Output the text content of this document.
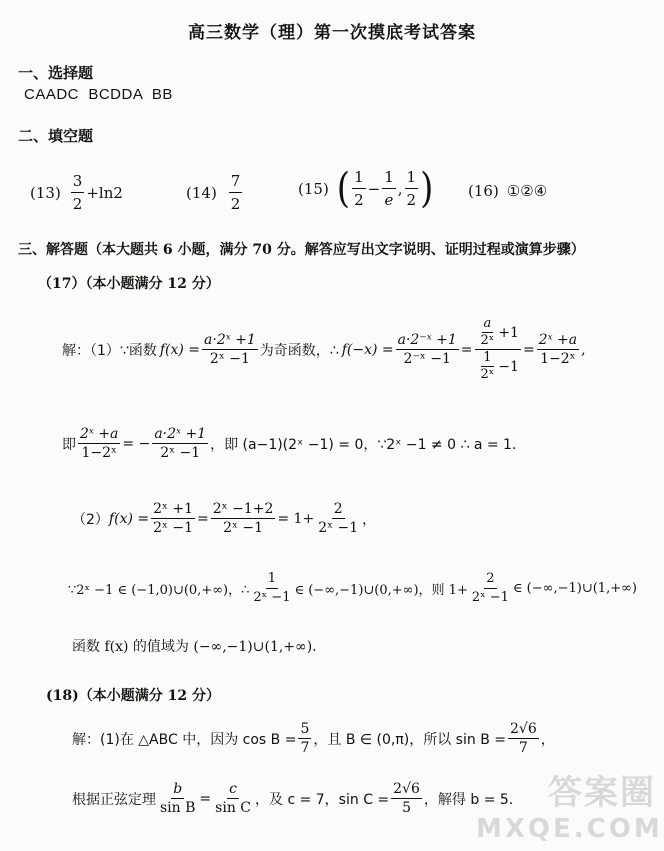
高三数学（理）第一次摸底考试答案
一、选择题
CAADC  BCDDA  BB
二、填空题
$(13) \frac{3}{2} +\ln 2$	$(14) \frac{7}{2}$	(15) ( $\frac{1}{2} - \frac{1}{e}$ , $\frac{1}{2}$ ) (16) ①②④
三、解答题（本大题共 6 小题，满分 70 分。解答应写出文字说明、证明过程或演算步骤）
（17）（本小题满分 12 分）
解：（1）∵函数 $f(x) = \frac{\text{a·2ˣ +1}}{\text{2ˣ −1}}$ 为奇函数，∴ $f(-x) = \frac{\text{a·2⁻ˣ +1}}{\text{2⁻ˣ −1}} = \frac{\frac{a}{\text{2ˣ}} +1}{\frac{1}{\text{2ˣ}} -1} = \frac{\text{2ˣ +a}}{\text{1−2ˣ}}$ ,
即 $\frac{\text{2ˣ +a}}{\text{1−2ˣ}}$ = − $\frac{\text{a·2ˣ +1}}{\text{2ˣ −1}}$ ，即 (a−1)(2ˣ −1) = 0，∵2ˣ −1 ≠ 0 ∴ a = 1.
（2） $f(x) = \frac{\text{2ˣ +1}}{\text{2ˣ −1}} = \frac{\text{2ˣ −1+2}}{\text{2ˣ −1}} = 1+ \frac{2}{\text{2ˣ −1}}$ ，
∵2ˣ −1 ∈ (−1,0)∪(0,+∞)，∴ $\frac{1}{\text{2ˣ −1}}$ ∈ (−∞,−1)∪(0,+∞)，则 $1+ \frac{2}{\text{2ˣ −1}}$ ∈ (−∞,−1)∪(1,+∞)
函数 f(x) 的值域为 (−∞,−1)∪(1,+∞).
(18)（本小题满分 12 分）
解：(1)在 △ABC 中，因为 $\cos B = \frac{5}{7}$ ，且 B ∈ (0,π)，所以 $\sin B = \frac{2√6}{7}$ ，
根据正弦定理 $\frac{b}{\text{sin B}} = \frac{c}{\text{sin C}}$ ，及 c = 7，$\sin C = \frac{2√6}{5}$ ，解得 b = 5.	答案圈
MXQE.COM
